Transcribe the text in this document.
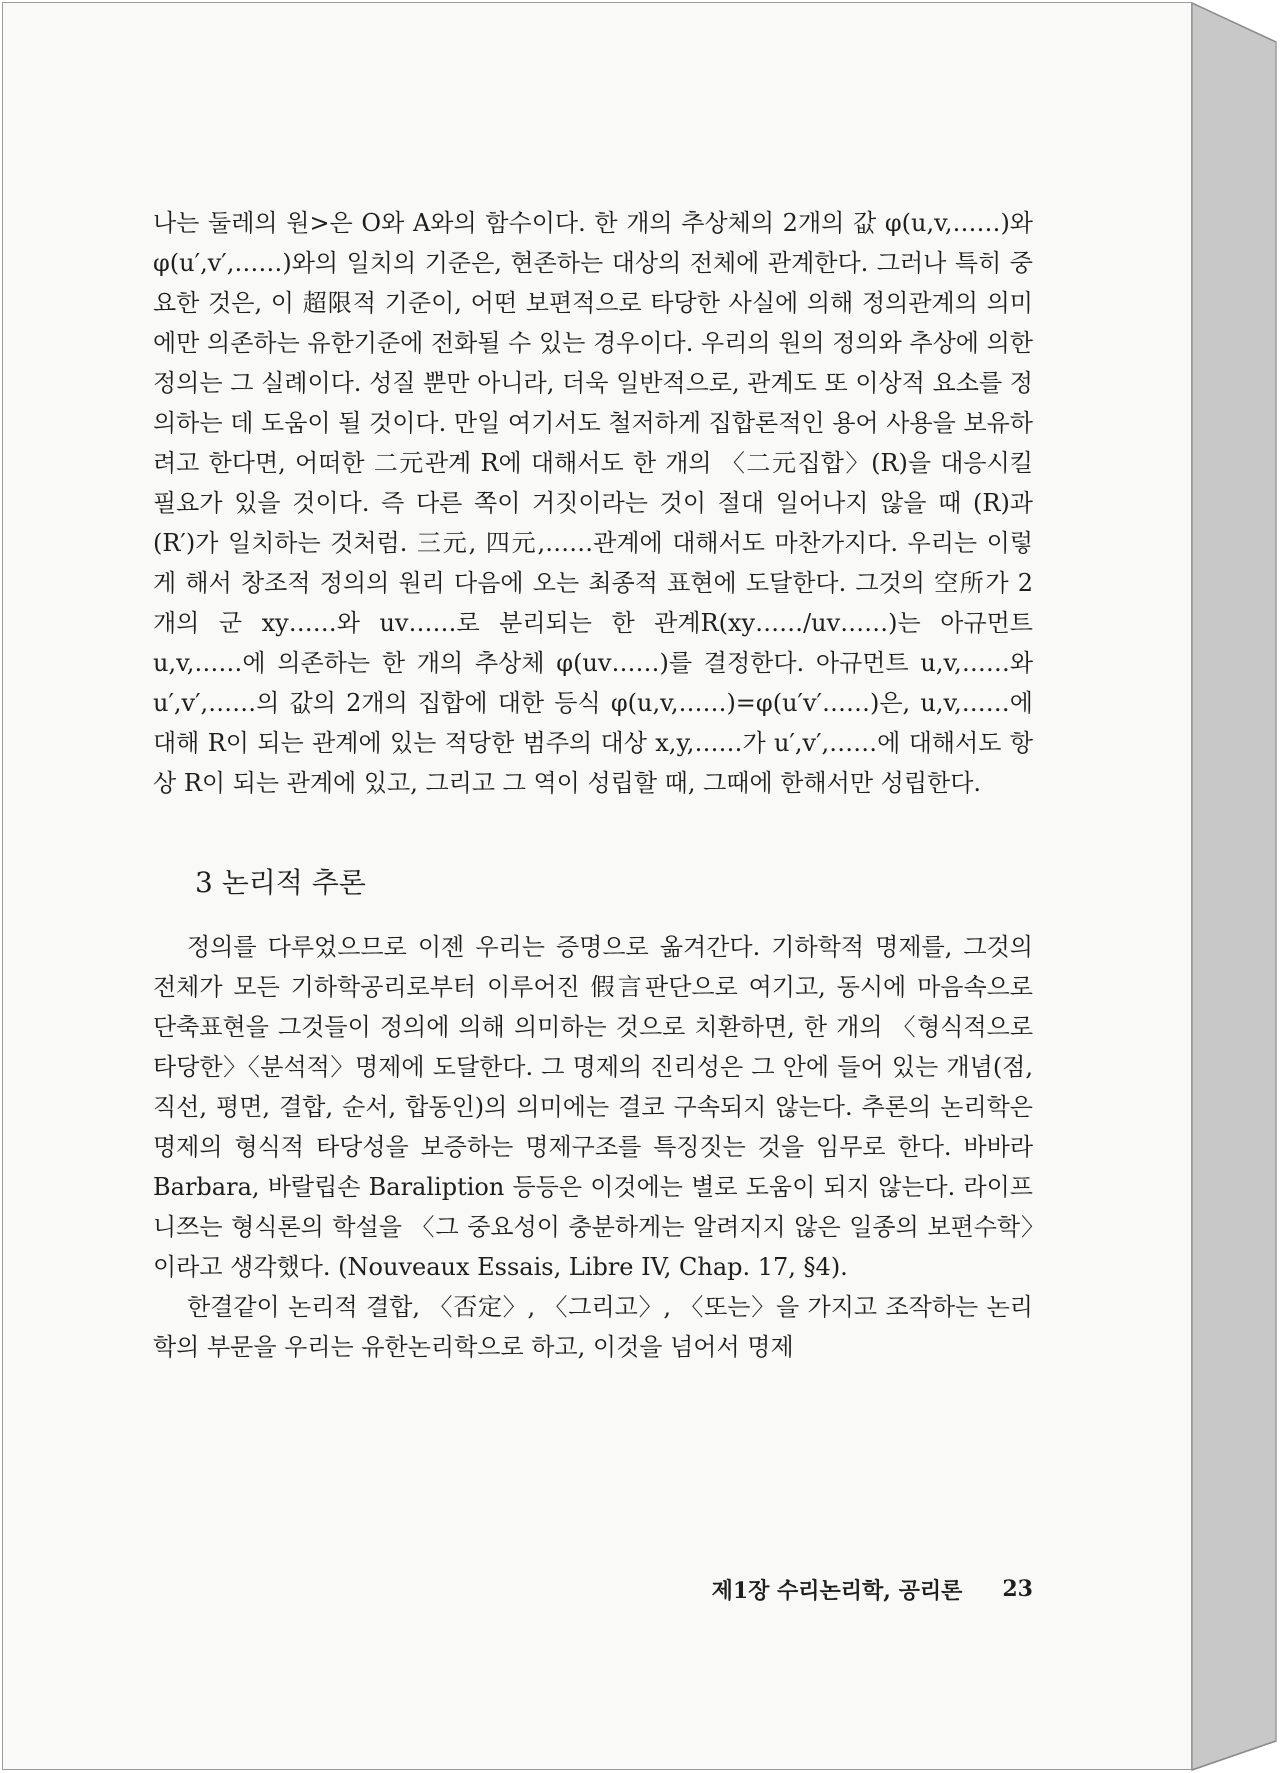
나는 둘레의 원>은 O와 A와의 함수이다. 한 개의 추상체의 2개의 값 φ(u,v,……)와 φ(u′,v′,……)와의 일치의 기준은, 현존하는 대상의 전체에 관계한다. 그러나 특히 중요한 것은, 이 超限적 기준이, 어떤 보편적으로 타당한 사실에 의해 정의관계의 의미에만 의존하는 유한기준에 전화될 수 있는 경우이다. 우리의 원의 정의와 추상에 의한 정의는 그 실례이다. 성질 뿐만 아니라, 더욱 일반적으로, 관계도 또 이상적 요소를 정의하는 데 도움이 될 것이다. 만일 여기서도 철저하게 집합론적인 용어 사용을 보유하려고 한다면, 어떠한 二元관계 R에 대해서도 한 개의 〈二元집합〉(R)을 대응시킬 필요가 있을 것이다. 즉 다른 쪽이 거짓이라는 것이 절대 일어나지 않을 때 (R)과 (R′)가 일치하는 것처럼. 三元, 四元,……관계에 대해서도 마찬가지다. 우리는 이렇게 해서 창조적 정의의 원리 다음에 오는 최종적 표현에 도달한다. 그것의 空所가 2개의 군 xy……와 uv……로 분리되는 한 관계R(xy……/uv……)는 아규먼트 u,v,……에 의존하는 한 개의 추상체 φ(uv……)를 결정한다. 아규먼트 u,v,……와 u′,v′,……의 값의 2개의 집합에 대한 등식 φ(u,v,……)=φ(u′v′……)은, u,v,……에 대해 R이 되는 관계에 있는 적당한 범주의 대상 x,y,……가 u′,v′,……에 대해서도 항상 R이 되는 관계에 있고, 그리고 그 역이 성립할 때, 그때에 한해서만 성립한다.

3 논리적 추론

정의를 다루었으므로 이젠 우리는 증명으로 옮겨간다. 기하학적 명제를, 그것의 전체가 모든 기하학공리로부터 이루어진 假言판단으로 여기고, 동시에 마음속으로 단축표현을 그것들이 정의에 의해 의미하는 것으로 치환하면, 한 개의 〈형식적으로 타당한〉〈분석적〉명제에 도달한다. 그 명제의 진리성은 그 안에 들어 있는 개념(점, 직선, 평면, 결합, 순서, 합동인)의 의미에는 결코 구속되지 않는다. 추론의 논리학은 명제의 형식적 타당성을 보증하는 명제구조를 특징짓는 것을 임무로 한다. 바바라 Barbara, 바랄립손 Baraliption 등등은 이것에는 별로 도움이 되지 않는다. 라이프니쯔는 형식론의 학설을 〈그 중요성이 충분하게는 알려지지 않은 일종의 보편수학〉이라고 생각했다. (Nouveaux Essais, Libre IV, Chap. 17, §4).

한결같이 논리적 결합, 〈否定〉, 〈그리고〉, 〈또는〉을 가지고 조작하는 논리학의 부문을 우리는 유한논리학으로 하고, 이것을 넘어서 명제

제1장 수리논리학, 공리론 23
